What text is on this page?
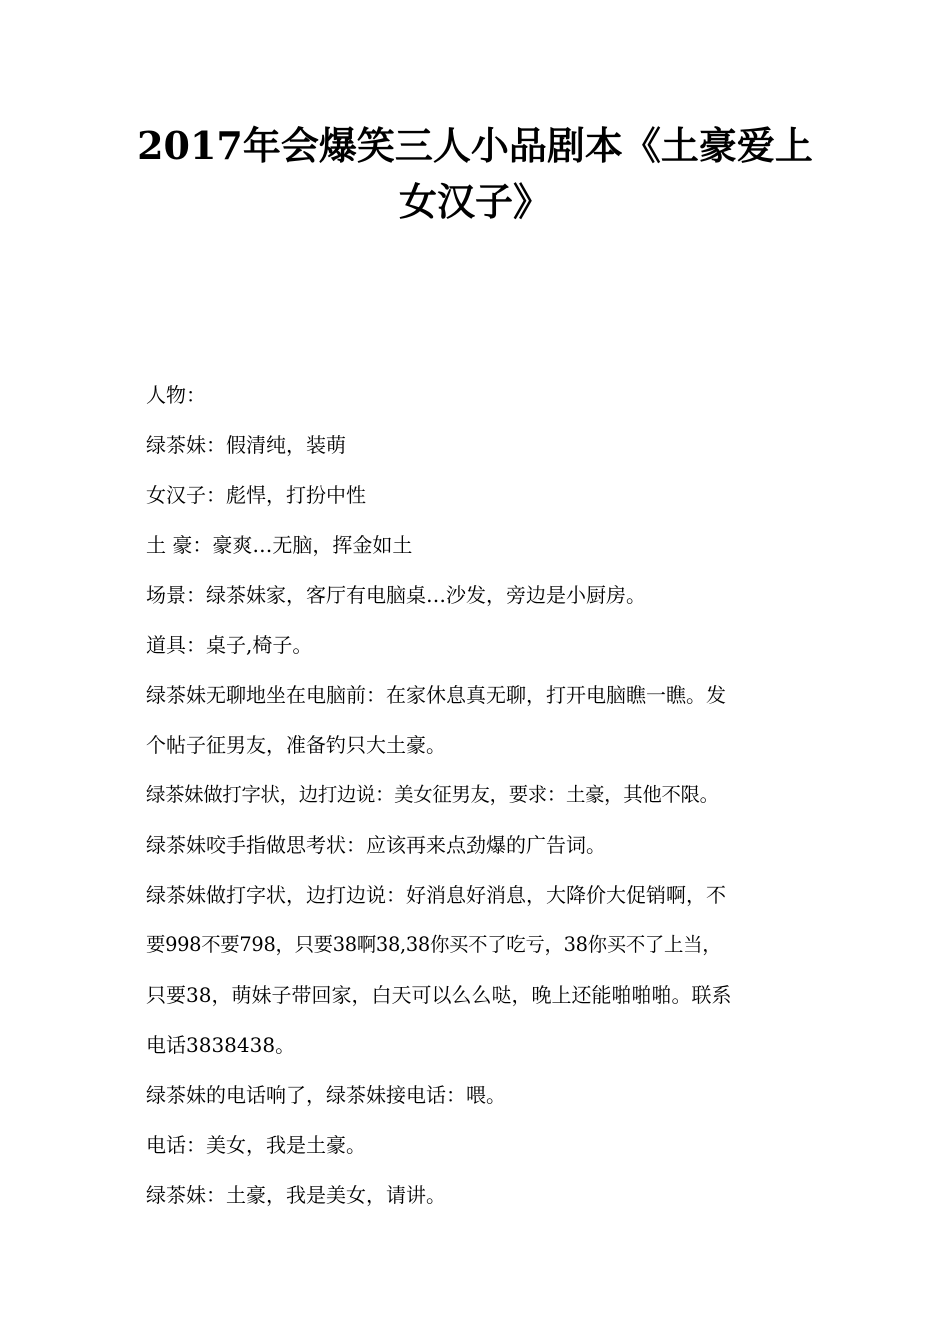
2017年会爆笑三人小品剧本《土豪爱上
女汉子》
人物：
绿茶妹：假清纯，装萌
女汉子：彪悍，打扮中性
土 豪：豪爽…无脑，挥金如土
场景：绿茶妹家，客厅有电脑桌…沙发，旁边是小厨房。
道具：桌子,椅子。
绿茶妹无聊地坐在电脑前：在家休息真无聊，打开电脑瞧一瞧。发
个帖子征男友，准备钓只大土豪。
绿茶妹做打字状，边打边说：美女征男友，要求：土豪，其他不限。
绿茶妹咬手指做思考状：应该再来点劲爆的广告词。
绿茶妹做打字状，边打边说：好消息好消息，大降价大促销啊，不
要998不要798，只要38啊38,38你买不了吃亏，38你买不了上当，
只要38，萌妹子带回家，白天可以么么哒，晚上还能啪啪啪。联系
电话3838438。
绿茶妹的电话响了，绿茶妹接电话：喂。
电话：美女，我是土豪。
绿茶妹：土豪，我是美女，请讲。
